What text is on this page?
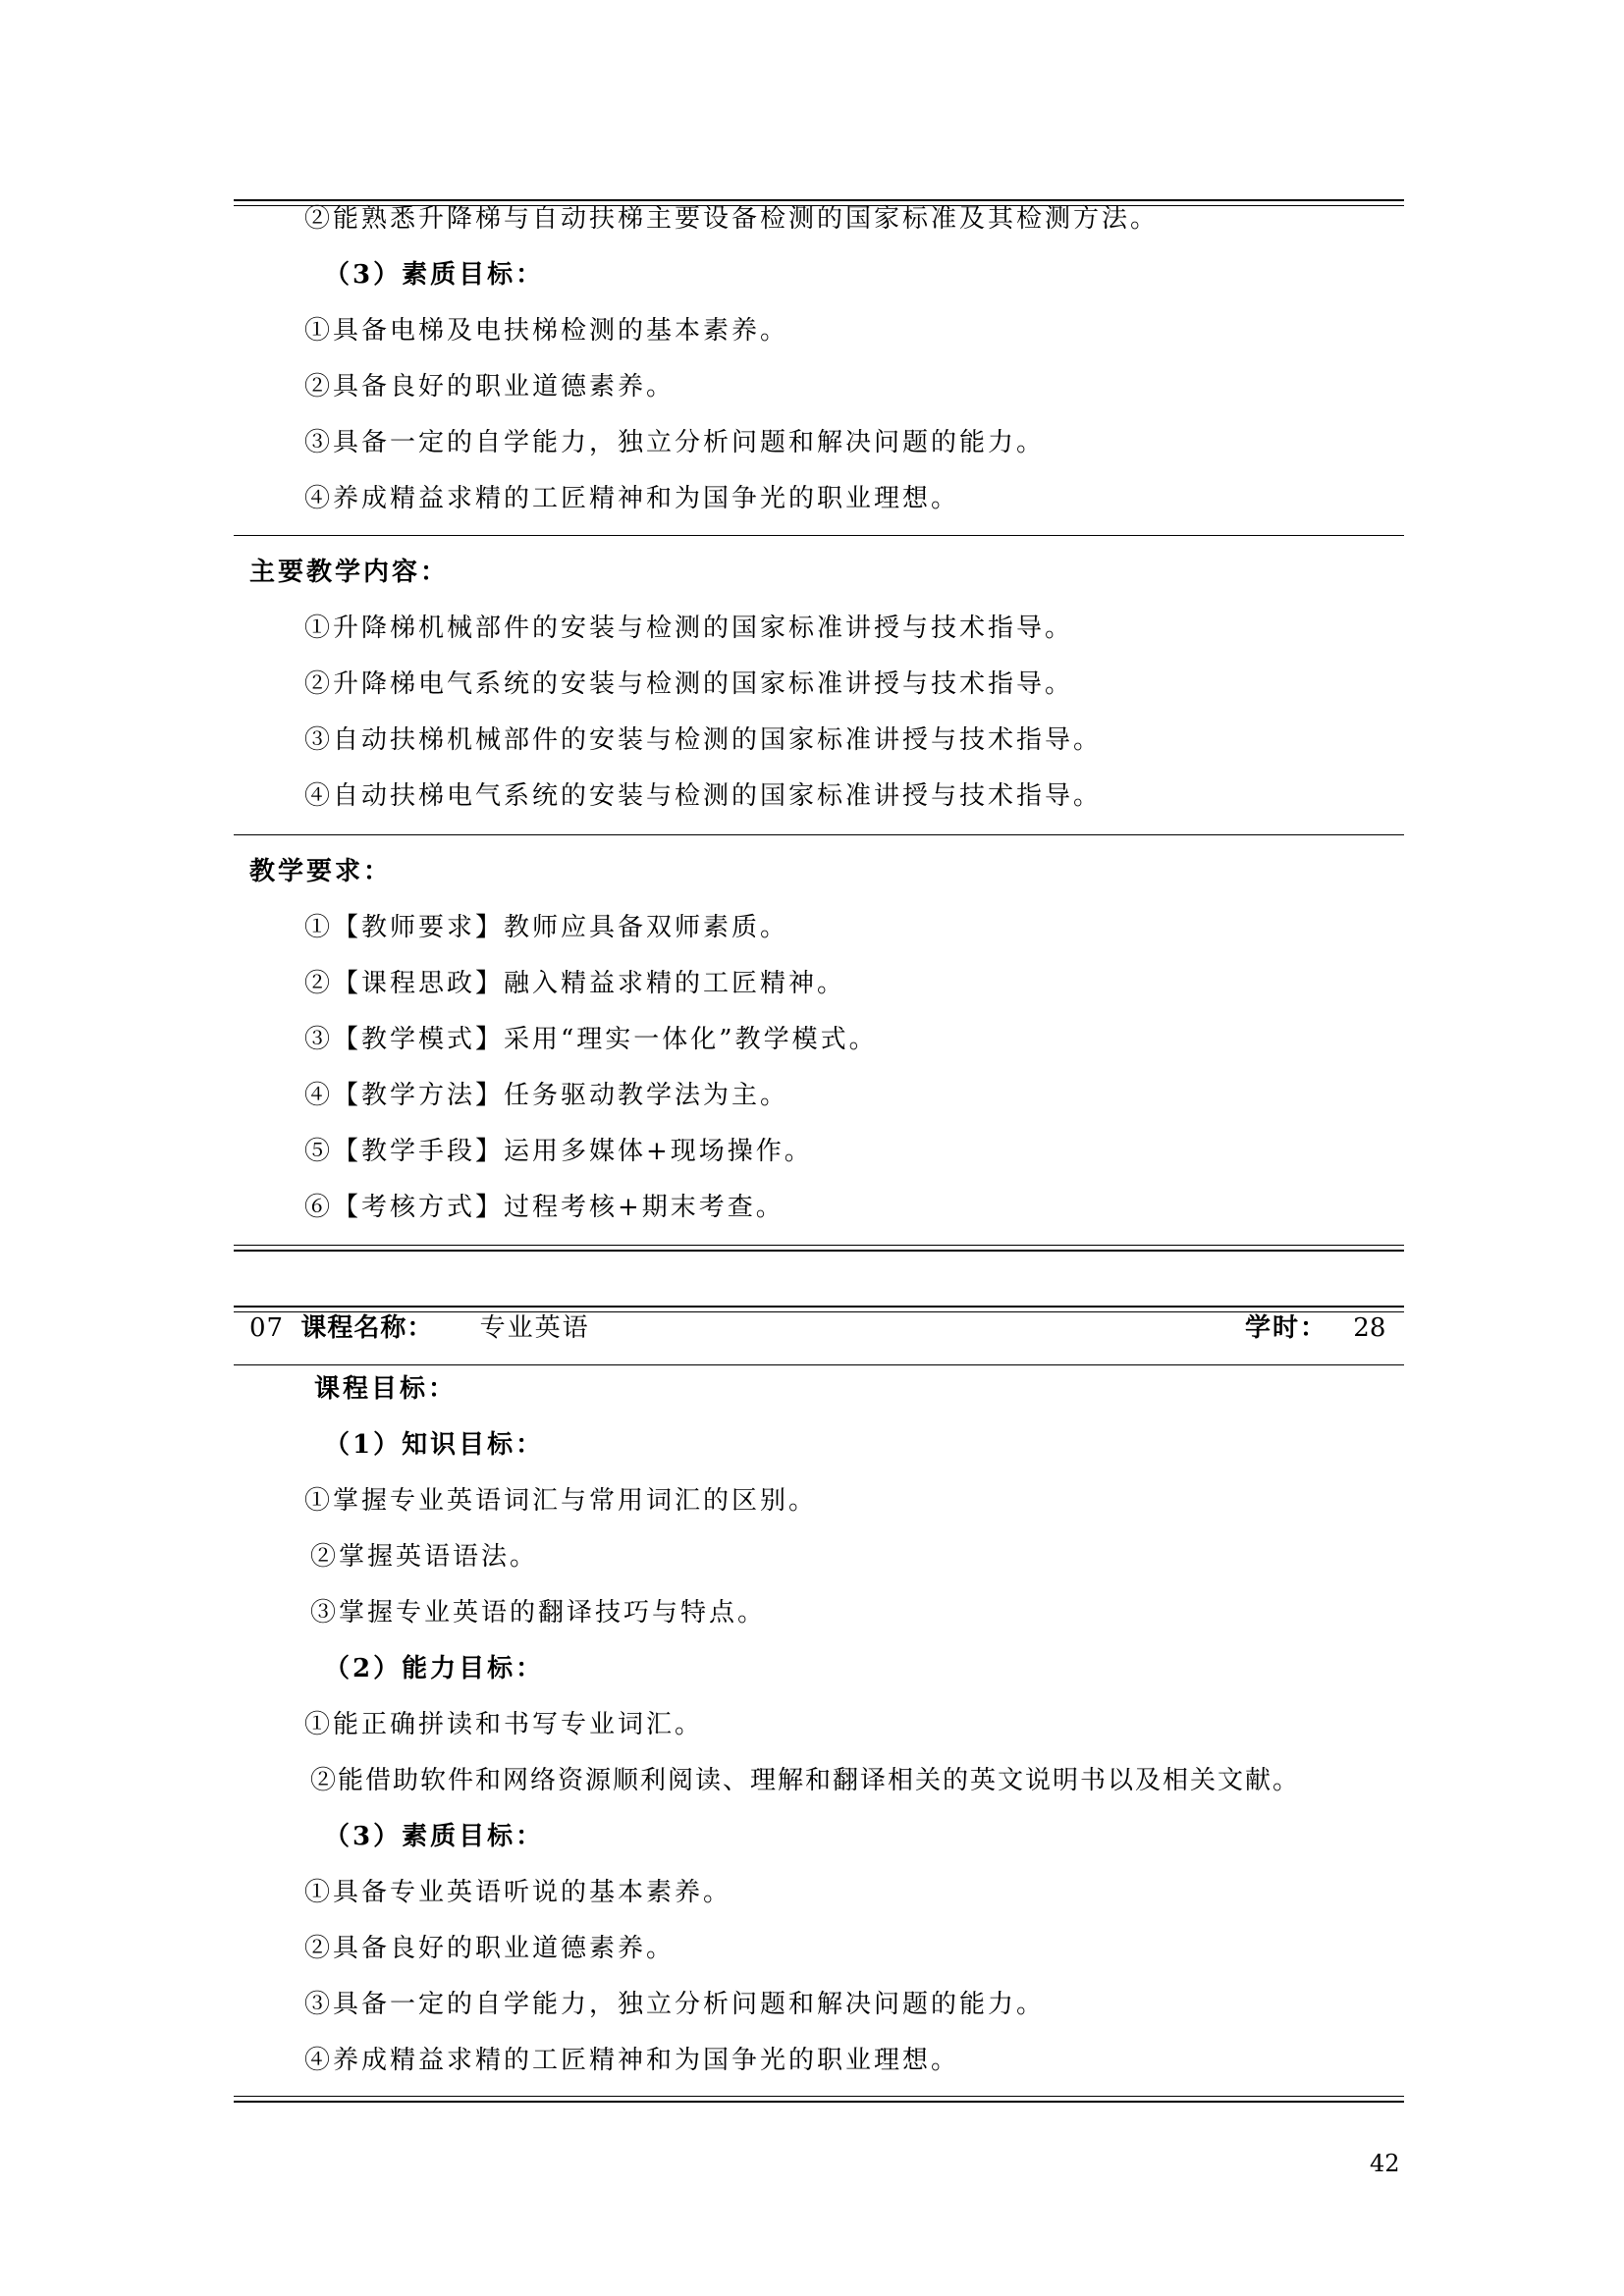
②能熟悉升降梯与自动扶梯主要设备检测的国家标准及其检测方法。
（3）素质目标：
①具备电梯及电扶梯检测的基本素养。
②具备良好的职业道德素养。
③具备一定的自学能力，独立分析问题和解决问题的能力。
④养成精益求精的工匠精神和为国争光的职业理想。
主要教学内容：
①升降梯机械部件的安装与检测的国家标准讲授与技术指导。
②升降梯电气系统的安装与检测的国家标准讲授与技术指导。
③自动扶梯机械部件的安装与检测的国家标准讲授与技术指导。
④自动扶梯电气系统的安装与检测的国家标准讲授与技术指导。
教学要求：
①【教师要求】教师应具备双师素质。
②【课程思政】融入精益求精的工匠精神。
③【教学模式】采用“理实一体化”教学模式。
④【教学方法】任务驱动教学法为主。
⑤【教学手段】运用多媒体+现场操作。
⑥【考核方式】过程考核+期末考查。
07 课程名称： 专业英语	学时： 28
课程目标：
（1）知识目标：
①掌握专业英语词汇与常用词汇的区别。
②掌握英语语法。
③掌握专业英语的翻译技巧与特点。
（2）能力目标：
①能正确拼读和书写专业词汇。
②能借助软件和网络资源顺利阅读、理解和翻译相关的英文说明书以及相关文献。
（3）素质目标：
①具备专业英语听说的基本素养。
②具备良好的职业道德素养。
③具备一定的自学能力，独立分析问题和解决问题的能力。
④养成精益求精的工匠精神和为国争光的职业理想。
42
